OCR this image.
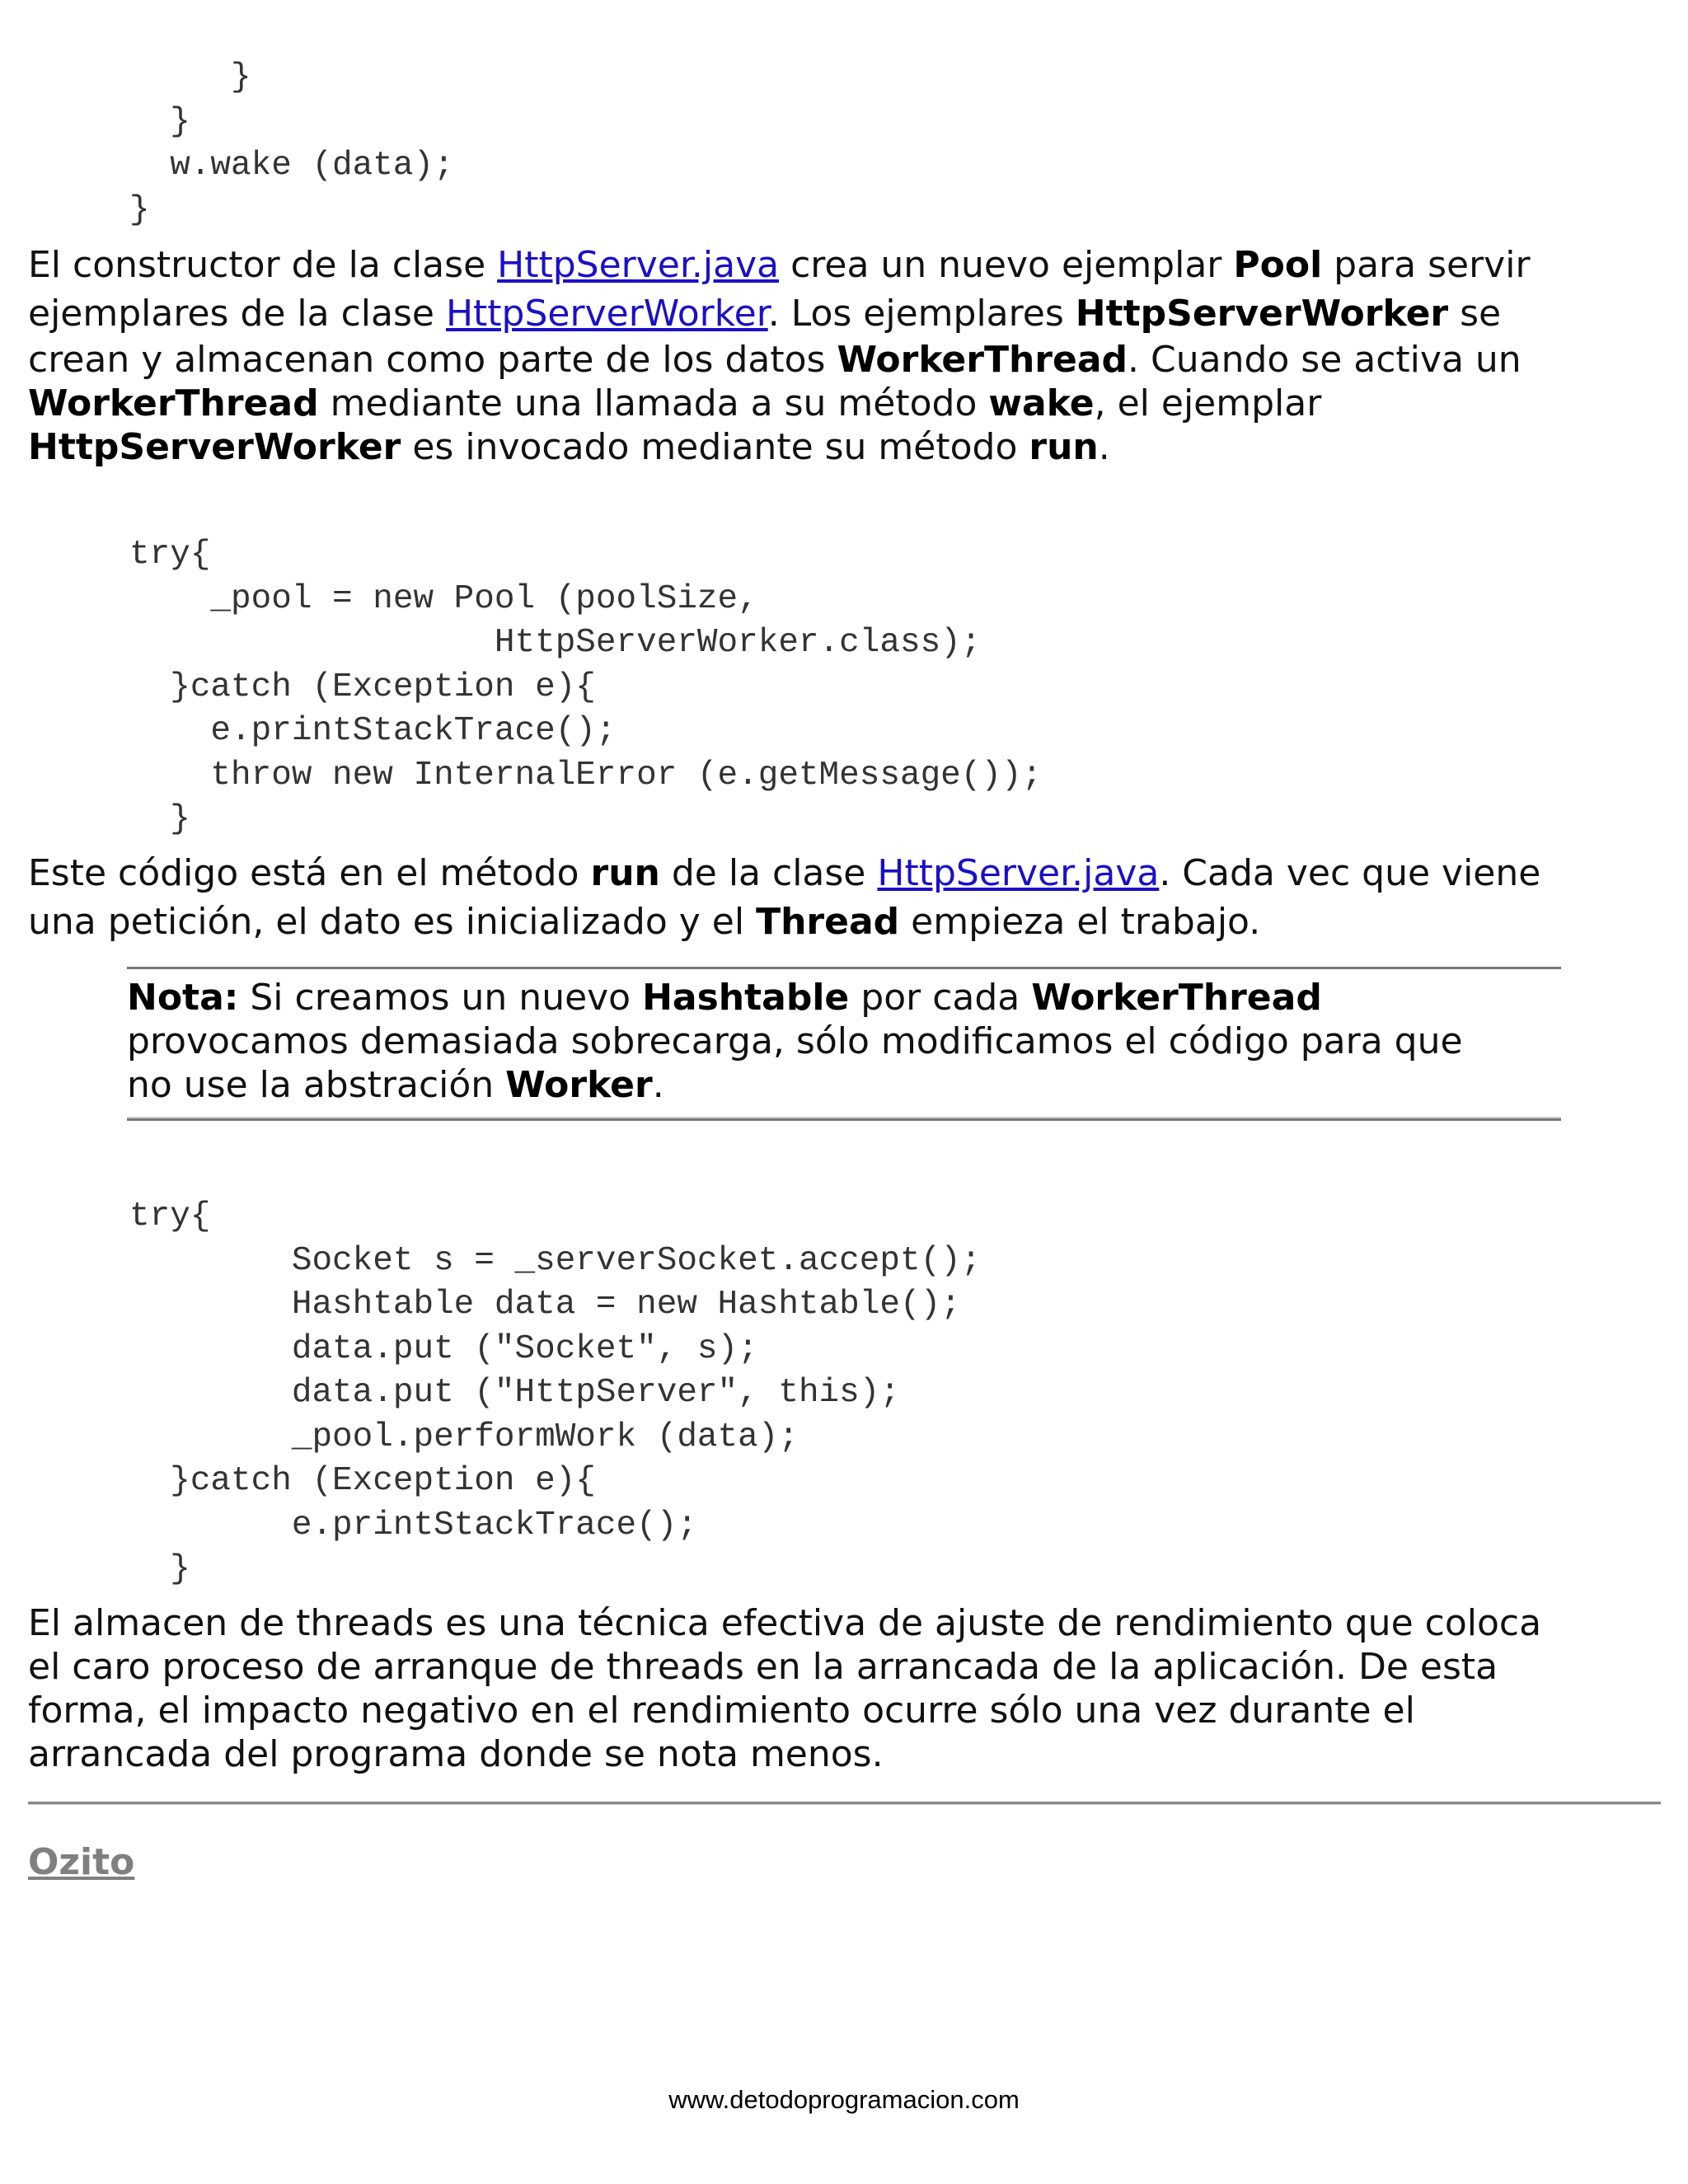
}
}
w.wake (data);
}

El constructor de la clase HttpServer.java crea un nuevo ejemplar Pool para servir
ejemplares de la clase HttpServerWorker. Los ejemplares HttpServerWorker se
crean y almacenan como parte de los datos WorkerThread. Cuando se activa un
WorkerThread mediante una llamada a su método wake, el ejemplar
HttpServerWorker es invocado mediante su método run.

try{
_pool = new Pool (poolSize,
HttpServerWorker.class);
}catch (Exception e){
e.printStackTrace();
throw new InternalError (e.getMessage());
}

Este código está en el método run de la clase HttpServer.java. Cada vec que viene
una petición, el dato es inicializado y el Thread empieza el trabajo.

Nota: Si creamos un nuevo Hashtable por cada WorkerThread
provocamos demasiada sobrecarga, sólo modificamos el código para que
no use la abstración Worker.

try{
Socket s = _serverSocket.accept();
Hashtable data = new Hashtable();
data.put ("Socket", s);
data.put ("HttpServer", this);
_pool.performWork (data);
}catch (Exception e){
e.printStackTrace();
}

El almacen de threads es una técnica efectiva de ajuste de rendimiento que coloca
el caro proceso de arranque de threads en la arrancada de la aplicación. De esta
forma, el impacto negativo en el rendimiento ocurre sólo una vez durante el
arrancada del programa donde se nota menos.

Ozito
www.detodoprogramacion.com
